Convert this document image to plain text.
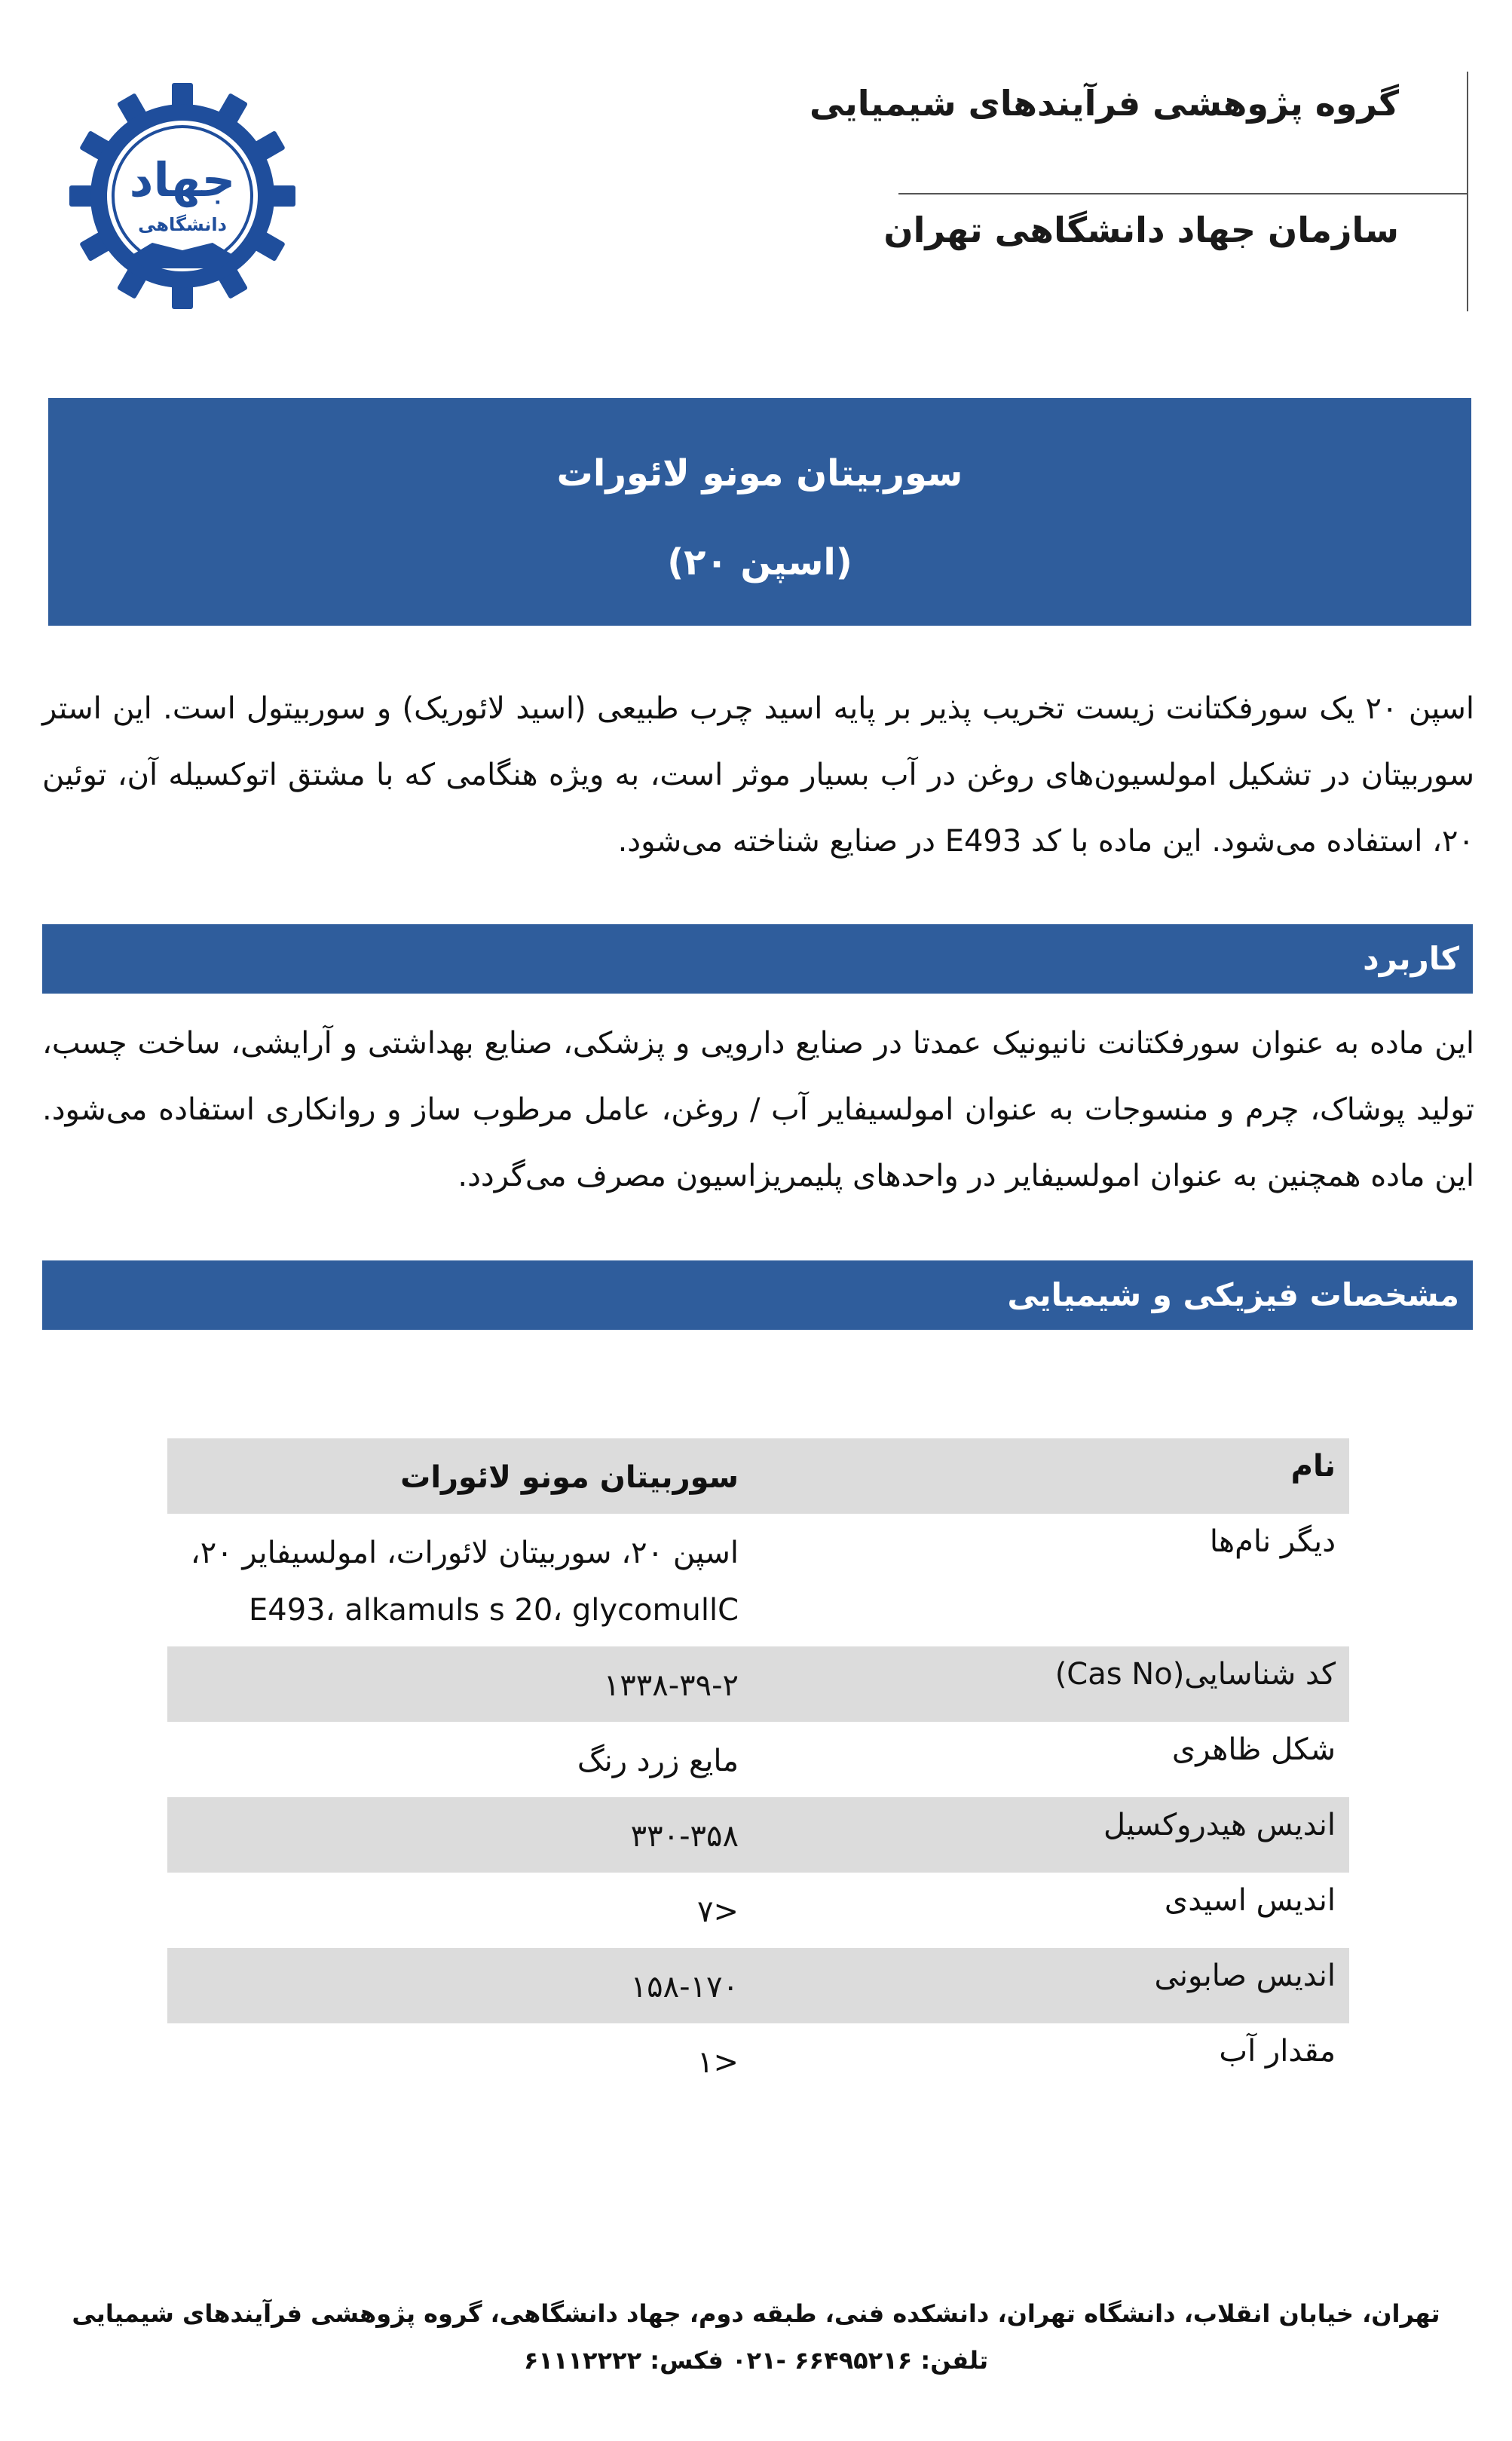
جهاد
دانشگاهی
گروه پژوهشی فرآیندهای شیمیایی
سازمان جهاد دانشگاهی تهران
سوربیتان مونو لائورات
(اسپن ۲۰)
اسپن ۲۰ یک سورفکتانت زیست تخریب پذیر بر پایه اسید چرب طبیعی (اسید لائوریک) و سوربیتول است. این استر سوربیتان در تشکیل امولسیون‌های روغن در آب بسیار موثر است، به ویژه هنگامی که با مشتق اتوکسیله آن، توئین ۲۰، استفاده می‌شود. این ماده با کد E493 در صنایع شناخته می‌شود.
کاربرد
این ماده به عنوان سورفکتانت نانیونیک عمدتا در صنایع دارویی و پزشکی، صنایع بهداشتی و آرایشی، ساخت چسب، تولید پوشاک، چرم و منسوجات به عنوان امولسیفایر آب / روغن، عامل مرطوب ساز و روانکاری استفاده می‌شود. این ماده همچنین به عنوان امولسیفایر در واحدهای پلیمریزاسیون مصرف می‌گردد.
مشخصات فیزیکی و شیمیایی
نام	سوربیتان مونو لائورات
دیگر نام‌ها	اسپن ۲۰، سوربیتان لائورات، امولسیفایر ۲۰، E493، alkamuls s 20، glycomullC
کد شناسایی(Cas No)	۱۳۳۸-۳۹-۲
شکل ظاهری	مایع زرد رنگ
اندیس هیدروکسیل	۳۳۰-۳۵۸
اندیس اسیدی	<۷
اندیس صابونی	۱۵۸-۱۷۰
مقدار آب	<۱
تهران، خیابان انقلاب، دانشگاه تهران، دانشکده فنی، طبقه دوم، جهاد دانشگاهی، گروه پژوهشی فرآیندهای شیمیایی
تلفن: ۶۶۴۹۵۲۱۶ -۰۲۱ فکس: ۶۱۱۱۲۲۲۲
